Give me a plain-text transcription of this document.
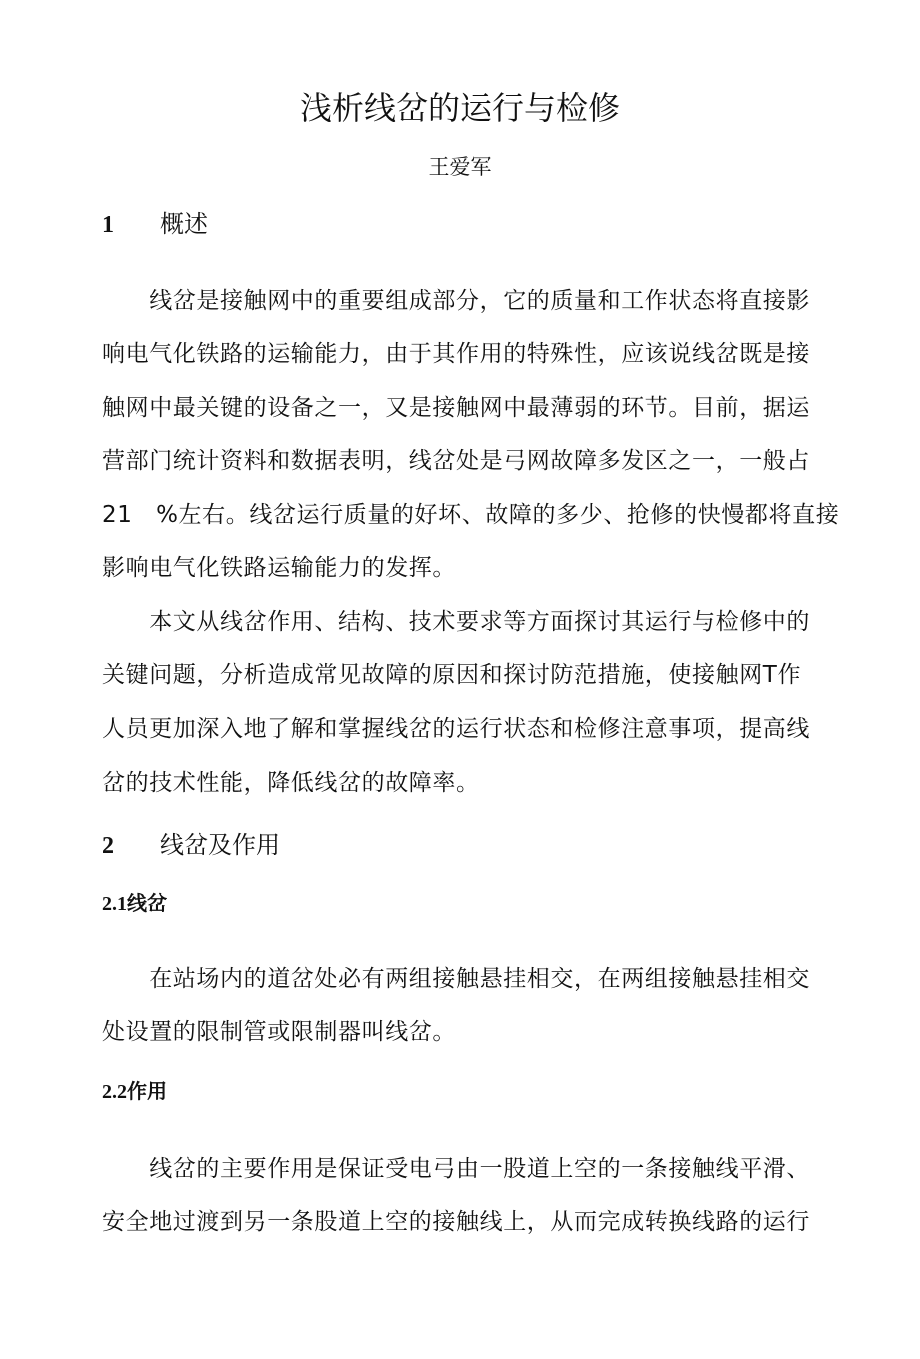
浅析线岔的运行与检修
王爱军
1 概述
2 线岔及作用
2.1线岔
2.2作用
　　线岔是接触网中的重要组成部分，它的质量和工作状态将直接影
响电气化铁路的运输能力，由于其作用的特殊性，应该说线岔既是接
触网中最关键的设备之一，又是接触网中最薄弱的环节。目前，据运
营部门统计资料和数据表明，线岔处是弓网故障多发区之一，一般占
21　%左右。线岔运行质量的好坏、故障的多少、抢修的快慢都将直接
影响电气化铁路运输能力的发挥。
　　本文从线岔作用、结构、技术要求等方面探讨其运行与检修中的
关键问题，分析造成常见故障的原因和探讨防范措施，使接触网T作
人员更加深入地了解和掌握线岔的运行状态和检修注意事项，提高线
岔的技术性能，降低线岔的故障率。
　　在站场内的道岔处必有两组接触悬挂相交，在两组接触悬挂相交
处设置的限制管或限制器叫线岔。
　　线岔的主要作用是保证受电弓由一股道上空的一条接触线平滑、
安全地过渡到另一条股道上空的接触线上，从而完成转换线路的运行
